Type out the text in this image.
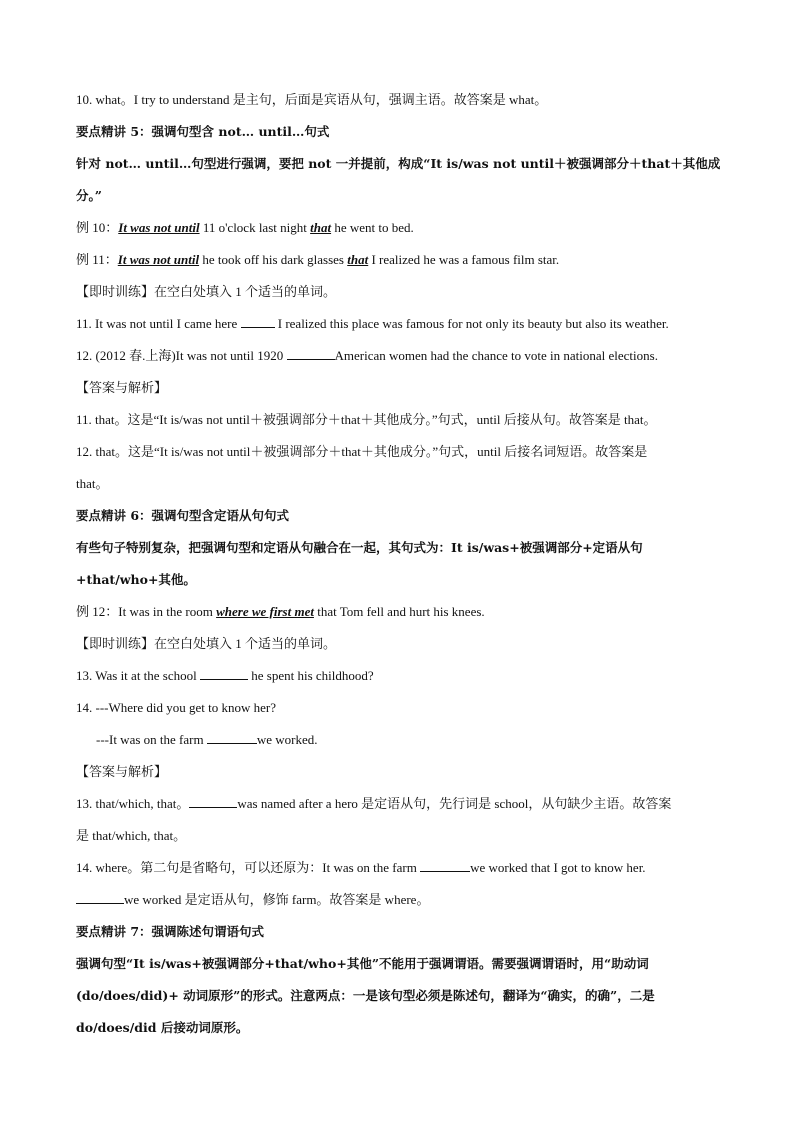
10. what。I try to understand 是主句，后面是宾语从句，强调主语。故答案是 what。
要点精讲 5：强调句型含 not… until…句式
针对 not… until…句型进行强调，要把 not 一并提前，构成“It is/was not until＋被强调部分＋that＋其他成
分。”
例 10：It was not until 11 o'clock last night that he went to bed.
例 11：It was not until he took off his dark glasses that I realized he was a famous film star.
【即时训练】在空白处填入 1 个适当的单词。
11. It was not until I came here	I realized this place was famous for not only its beauty but also its weather.
12. (2012 春.上海)It was not until 1920	American women had the chance to vote in national elections.
【答案与解析】
11. that。这是“It is/was not until＋被强调部分＋that＋其他成分。”句式，until 后接从句。故答案是 that。
12. that。这是“It is/was not until＋被强调部分＋that＋其他成分。”句式，until 后接名词短语。故答案是
that。
要点精讲 6：强调句型含定语从句句式
有些句子特别复杂，把强调句型和定语从句融合在一起，其句式为：It is/was+被强调部分+定语从句
+that/who+其他。
例 12：It was in the room where we first met that Tom fell and hurt his knees.
【即时训练】在空白处填入 1 个适当的单词。
13. Was it at the school	he spent his childhood?
14. ---Where did you get to know her?
---It was on the farm	we worked.
【答案与解析】
13. that/which, that。	was named after a hero 是定语从句，先行词是 school，从句缺少主语。故答案
是 that/which, that。
14. where。第二句是省略句，可以还原为：It was on the farm	we worked that I got to know her.
we worked 是定语从句，修饰 farm。故答案是 where。
要点精讲 7：强调陈述句谓语句式
强调句型“It is/was+被强调部分+that/who+其他”不能用于强调谓语。需要强调谓语时，用“助动词
(do/does/did)+ 动词原形”的形式。注意两点：一是该句型必须是陈述句，翻译为“确实，的确”，二是
do/does/did 后接动词原形。
